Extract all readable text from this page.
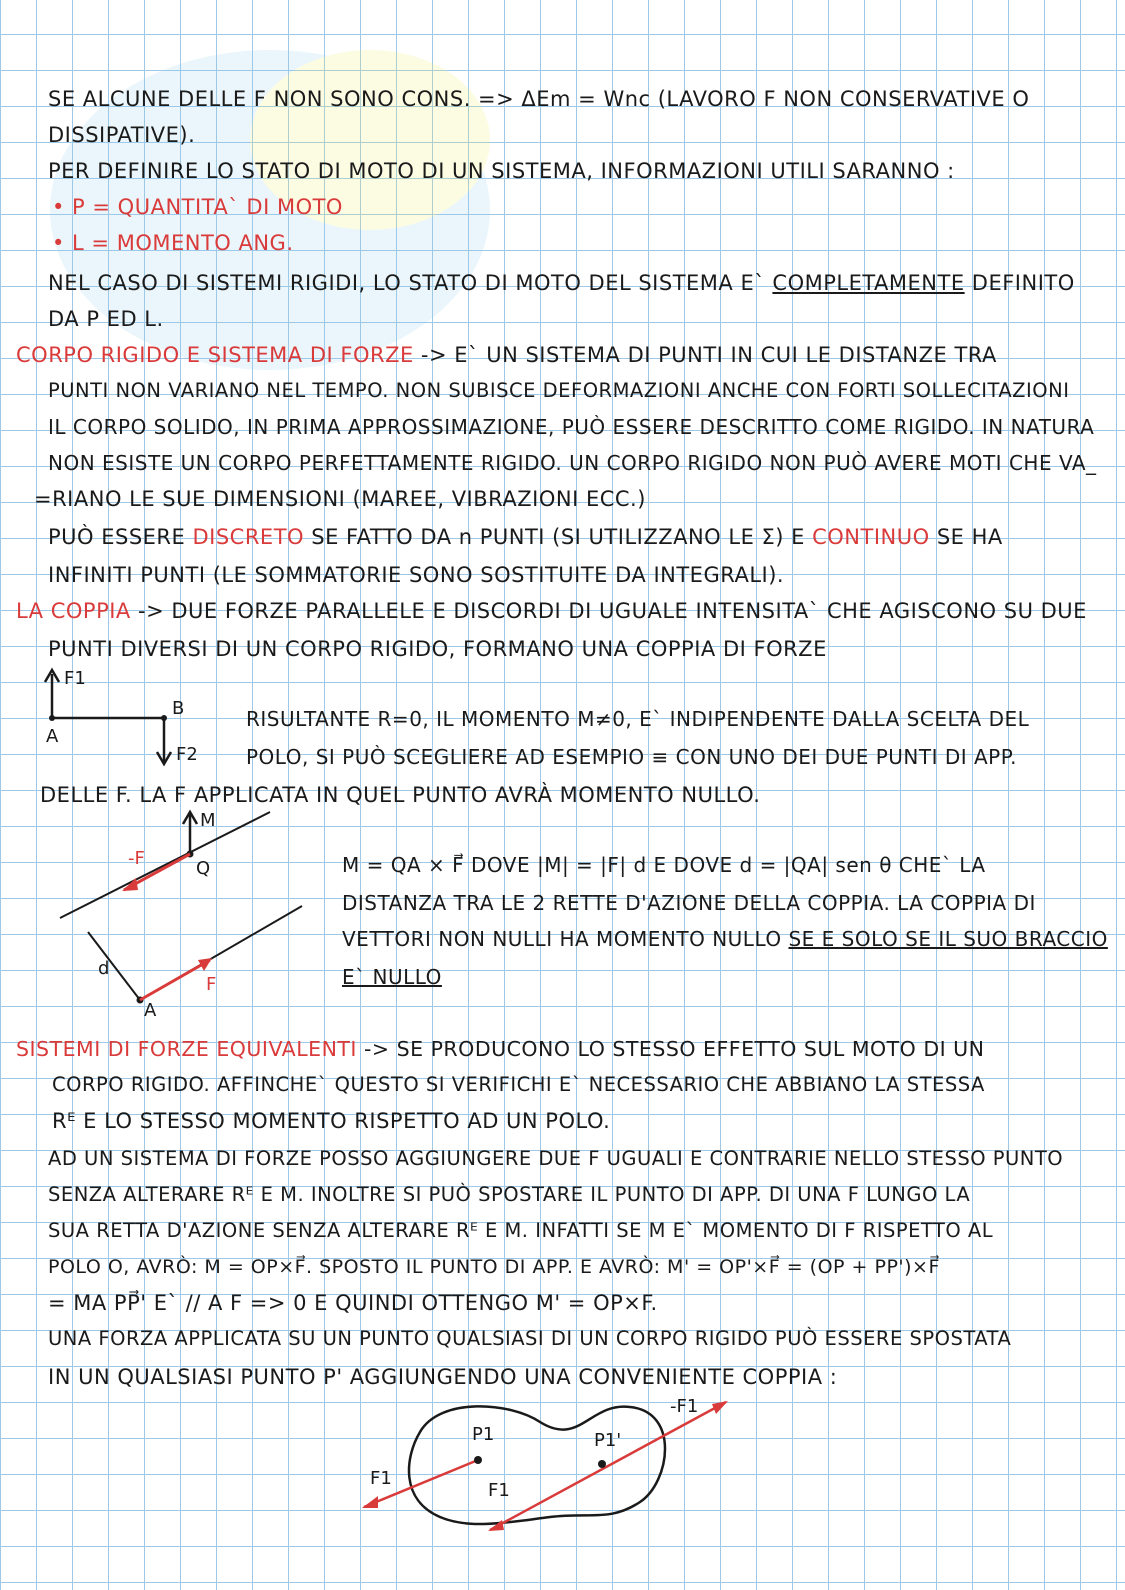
SE ALCUNE DELLE F NON SONO CONS. => ΔEm = Wnc (LAVORO F NON CONSERVATIVE O
DISSIPATIVE).
PER DEFINIRE LO STATO DI MOTO DI UN SISTEMA, INFORMAZIONI UTILI SARANNO :
• P = QUANTITA` DI MOTO
• L = MOMENTO ANG.
NEL CASO DI SISTEMI RIGIDI, LO STATO DI MOTO DEL SISTEMA E` COMPLETAMENTE DEFINITO
DA P ED L.
CORPO RIGIDO E SISTEMA DI FORZE -> E` UN SISTEMA DI PUNTI IN CUI LE DISTANZE TRA
PUNTI NON VARIANO NEL TEMPO. NON SUBISCE DEFORMAZIONI ANCHE CON FORTI SOLLECITAZIONI
IL CORPO SOLIDO, IN PRIMA APPROSSIMAZIONE, PUÒ ESSERE DESCRITTO COME RIGIDO. IN NATURA
NON ESISTE UN CORPO PERFETTAMENTE RIGIDO. UN CORPO RIGIDO NON PUÒ AVERE MOTI CHE VA_
=RIANO LE SUE DIMENSIONI (MAREE, VIBRAZIONI ECC.)
PUÒ ESSERE DISCRETO SE FATTO DA n PUNTI (SI UTILIZZANO LE Σ) E CONTINUO SE HA
INFINITI PUNTI (LE SOMMATORIE SONO SOSTITUITE DA INTEGRALI).
LA COPPIA -> DUE FORZE PARALLELE E DISCORDI DI UGUALE INTENSITA` CHE AGISCONO SU DUE
PUNTI DIVERSI DI UN CORPO RIGIDO, FORMANO UNA COPPIA DI FORZE
F1
A
B
F2
RISULTANTE R=0, IL MOMENTO M≠0, E` INDIPENDENTE DALLA SCELTA DEL
POLO, SI PUÒ SCEGLIERE AD ESEMPIO ≡ CON UNO DEI DUE PUNTI DI APP.
DELLE F. LA F APPLICATA IN QUEL PUNTO AVRÀ MOMENTO NULLO.
M
-F	Q
d
F
A
M = QA × F⃗ DOVE |M| = |F| d E DOVE d = |QA| sen θ CHE` LA
DISTANZA TRA LE 2 RETTE D'AZIONE DELLA COPPIA. LA COPPIA DI
VETTORI NON NULLI HA MOMENTO NULLO SE E SOLO SE IL SUO BRACCIO
E` NULLO
SISTEMI DI FORZE EQUIVALENTI -> SE PRODUCONO LO STESSO EFFETTO SUL MOTO DI UN
CORPO RIGIDO. AFFINCHE` QUESTO SI VERIFICHI E` NECESSARIO CHE ABBIANO LA STESSA
Rᴱ E LO STESSO MOMENTO RISPETTO AD UN POLO.
AD UN SISTEMA DI FORZE POSSO AGGIUNGERE DUE F UGUALI E CONTRARIE NELLO STESSO PUNTO
SENZA ALTERARE Rᴱ E M. INOLTRE SI PUÒ SPOSTARE IL PUNTO DI APP. DI UNA F LUNGO LA
SUA RETTA D'AZIONE SENZA ALTERARE Rᴱ E M. INFATTI SE M E` MOMENTO DI F RISPETTO AL
POLO O, AVRÒ: M = OP×F⃗. SPOSTO IL PUNTO DI APP. E AVRÒ: M' = OP'×F⃗ = (OP + PP')×F⃗
= MA PP⃗' E` // A F => 0 E QUINDI OTTENGO M' = OP×F.
UNA FORZA APPLICATA SU UN PUNTO QUALSIASI DI UN CORPO RIGIDO PUÒ ESSERE SPOSTATA
IN UN QUALSIASI PUNTO P' AGGIUNGENDO UNA CONVENIENTE COPPIA :
P1	P1'
-F1
F1
F1
